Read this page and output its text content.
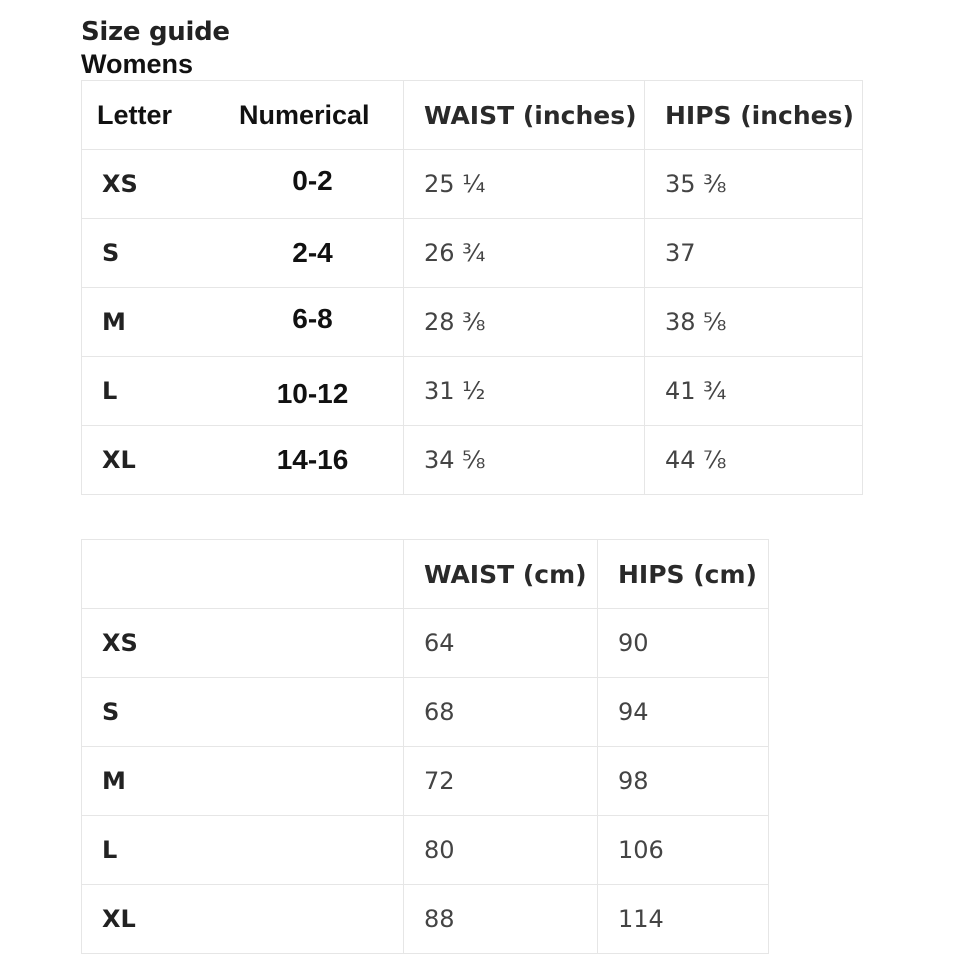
Size guide
Womens
Letter	Numerical	WAIST (inches)	HIPS (inches)
XS	0-2	25 ¼	35 ⅜
S	2-4	26 ¾	37
M	6-8	28 ⅜	38 ⅝
L	10-12	31 ½	41 ¾
XL	14-16	34 ⅝	44 ⅞
	WAIST (cm)	HIPS (cm)
XS	64	90
S	68	94
M	72	98
L	80	106
XL	88	114
